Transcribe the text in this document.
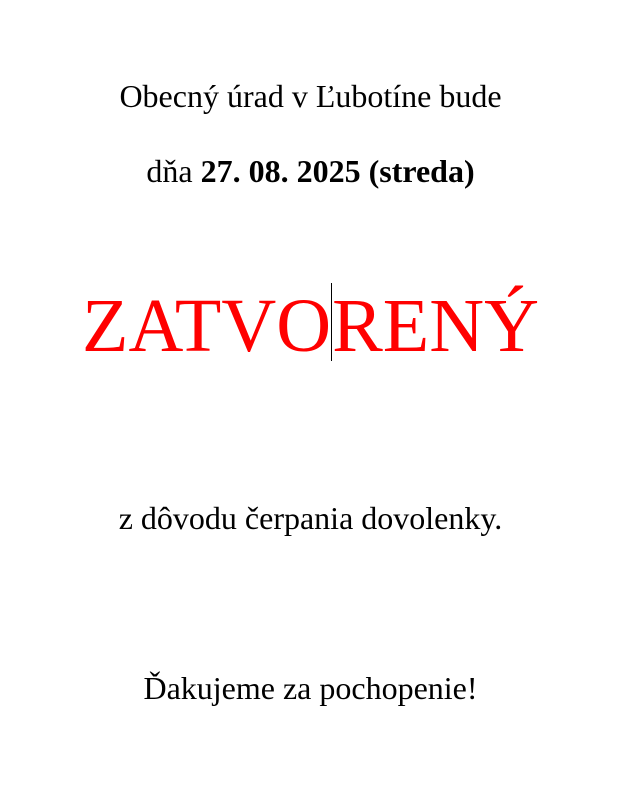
Obecný úrad v Ľubotíne bude
dňa 27. 08. 2025 (streda)
ZATVORENÝ
z dôvodu čerpania dovolenky.
Ďakujeme za pochopenie!
